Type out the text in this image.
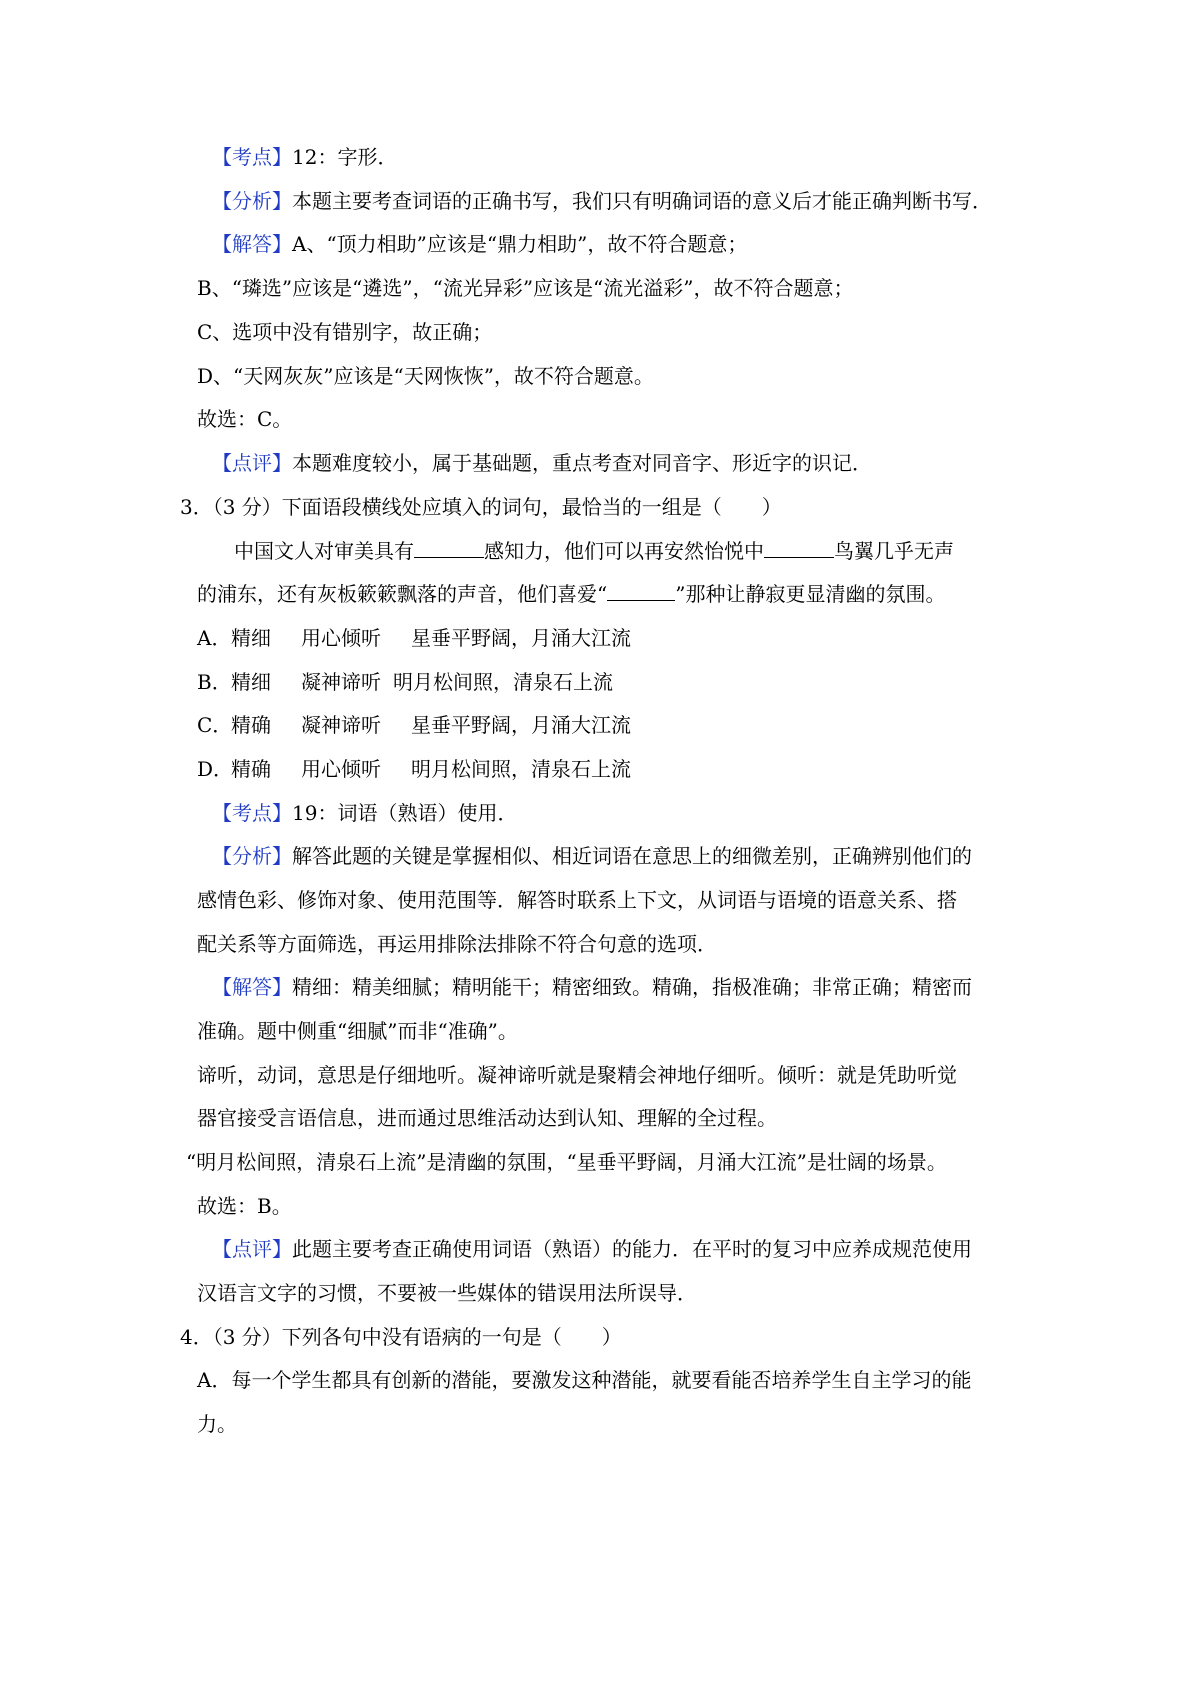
【考点】12：字形．
【分析】本题主要考查词语的正确书写，我们只有明确词语的意义后才能正确判断书写．
【解答】A、“顶力相助”应该是“鼎力相助”，故不符合题意；
B、“璘选”应该是“遴选”，“流光异彩”应该是“流光溢彩”，故不符合题意；
C、选项中没有错别字，故正确；
D、“天网灰灰”应该是“天网恢恢”，故不符合题意。
故选：C。
【点评】本题难度较小，属于基础题，重点考查对同音字、形近字的识记．
3．（3 分）下面语段横线处应填入的词句，最恰当的一组是（　　）
中国文人对审美具有	感知力，他们可以再安然怡悦中	鸟翼几乎无声
的浦东，还有灰板簌簌飘落的声音，他们喜爱“	”那种让静寂更显清幽的氛围。
A．精细 用心倾听 星垂平野阔，月涌大江流
B．精细 凝神谛听 明月松间照，清泉石上流
C．精确 凝神谛听 星垂平野阔，月涌大江流
D．精确 用心倾听 明月松间照，清泉石上流
【考点】19：词语（熟语）使用．
【分析】解答此题的关键是掌握相似、相近词语在意思上的细微差别，正确辨别他们的
感情色彩、修饰对象、使用范围等．解答时联系上下文，从词语与语境的语意关系、搭
配关系等方面筛选，再运用排除法排除不符合句意的选项．
【解答】精细：精美细腻；精明能干；精密细致。精确，指极准确；非常正确；精密而
准确。题中侧重“细腻”而非“准确”。
谛听，动词，意思是仔细地听。凝神谛听就是聚精会神地仔细听。倾听：就是凭助听觉
器官接受言语信息，进而通过思维活动达到认知、理解的全过程。
“明月松间照，清泉石上流”是清幽的氛围，“星垂平野阔，月涌大江流”是壮阔的场景。
故选：B。
【点评】此题主要考查正确使用词语（熟语）的能力．在平时的复习中应养成规范使用
汉语言文字的习惯，不要被一些媒体的错误用法所误导．
4．（3 分）下列各句中没有语病的一句是（　　）
A．每一个学生都具有创新的潜能，要激发这种潜能，就要看能否培养学生自主学习的能
力。
